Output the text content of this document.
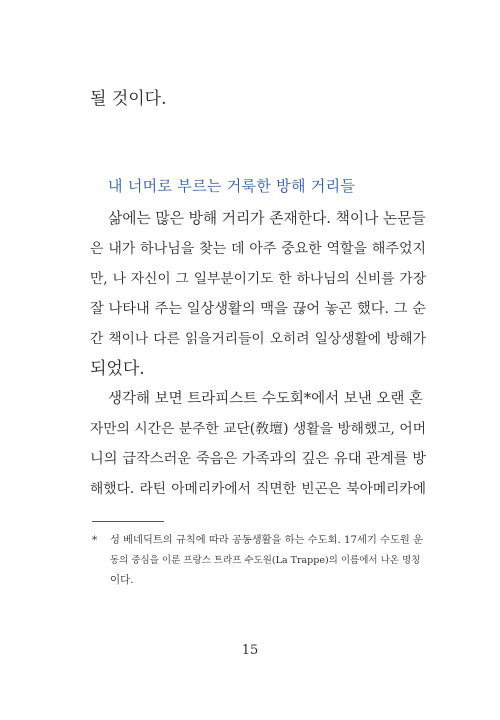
될 것이다.
내 너머로 부르는 거룩한 방해 거리들
삶에는 많은 방해 거리가 존재한다. 책이나 논문들
은 내가 하나님을 찾는 데 아주 중요한 역할을 해주었지
만, 나 자신이 그 일부분이기도 한 하나님의 신비를 가장
잘 나타내 주는 일상생활의 맥을 끊어 놓곤 했다. 그 순
간 책이나 다른 읽을거리들이 오히려 일상생활에 방해가
되었다.
생각해 보면 트라피스트 수도회*에서 보낸 오랜 혼
자만의 시간은 분주한 교단(敎壇) 생활을 방해했고, 어머
니의 급작스러운 죽음은 가족과의 깊은 유대 관계를 방
해했다. 라틴 아메리카에서 직면한 빈곤은 북아메리카에
* 성 베네딕트의 규칙에 따라 공동생활을 하는 수도회. 17세기 수도원 운
동의 중심을 이룬 프랑스 트라프 수도원(La Trappe)의 이름에서 나온 명칭
이다.
15
